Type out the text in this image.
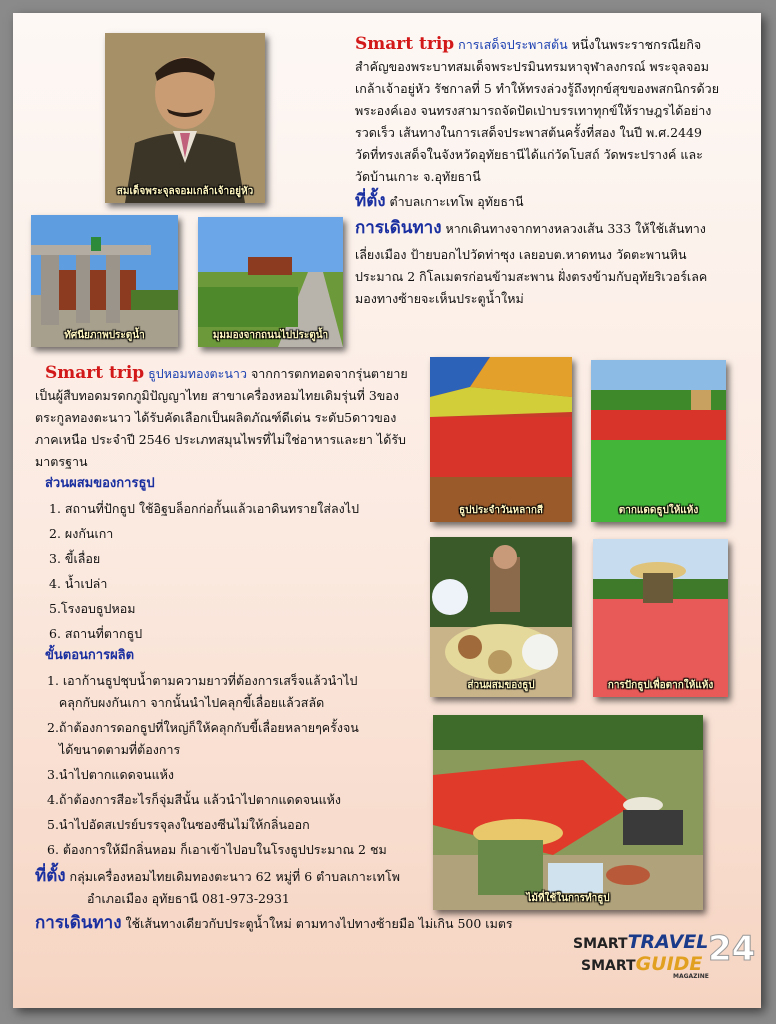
สมเด็จพระจุลจอมเกล้าเจ้าอยู่หัว
Smart trip การเสด็จประพาสต้น หนึ่งในพระราชกรณียกิจ
สำคัญของพระบาทสมเด็จพระปรมินทรมหาจุฬาลงกรณ์ พระจุลจอม
เกล้าเจ้าอยู่หัว รัชกาลที่ 5 ทำให้ทรงล่วงรู้ถึงทุกข์สุขของพสกนิกรด้วย
พระองค์เอง จนทรงสามารถจัดปัดเป่าบรรเทาทุกข์ให้ราษฎรได้อย่าง
รวดเร็ว เส้นทางในการเสด็จประพาสต้นครั้งที่สอง ในปี พ.ศ.2449
วัดที่ทรงเสด็จในจังหวัดอุทัยธานีได้แก่วัดโบสถ์ วัดพระปรางค์ และ
วัดบ้านเกาะ จ.อุทัยธานี
ที่ตั้ง ตำบลเกาะเทโพ อุทัยธานี
การเดินทาง หากเดินทางจากทางหลวงเส้น 333 ให้ใช้เส้นทาง
เลี่ยงเมือง ป้ายบอกไปวัดท่าซุง เลยอบต.หาดทนง วัดตะพานหิน
ประมาณ 2 กิโลเมตรก่อนข้ามสะพาน ฝั่งตรงข้ามกับอุทัยริเวอร์เลค
มองทางซ้ายจะเห็นประตูน้ำใหม่
ทัศนียภาพประตูน้ำ	มุมมองจากถนนไปประตูน้ำ
Smart trip ธูปหอมทองตะนาว จากการตกทอดจากรุ่นตายาย
เป็นผู้สืบทอดมรดกภูมิปัญญาไทย สาขาเครื่องหอมไทยเดิมรุ่นที่ 3ของ
ตระกูลทองตะนาว ได้รับคัดเลือกเป็นผลิตภัณฑ์ดีเด่น ระดับ5ดาวของ
ภาคเหนือ ประจำปี 2546 ประเภทสมุนไพรที่ไม่ใช่อาหารและยา ได้รับ
มาตรฐาน
ส่วนผสมของการธูป
1. สถานที่ปักธูป ใช้อิฐบล็อกก่อกั้นแล้วเอาดินทรายใส่ลงไป
2. ผงกันเกา
3. ขี้เลื่อย
4. น้ำเปล่า
5.โรงอบธูปหอม
6. สถานที่ตากธูป
ขั้นตอนการผลิต
1. เอาก้านธูปชุบน้ำตามความยาวที่ต้องการเสร็จแล้วนำไป
คลุกกับผงกันเกา จากนั้นนำไปคลุกขี้เลื่อยแล้วสลัด
2.ถ้าต้องการดอกธูปที่ใหญ่ก็ให้คลุกกับขี้เลื่อยหลายๆครั้งจน
ได้ขนาดตามที่ต้องการ
3.นำไปตากแดดจนแห้ง
4.ถ้าต้องการสีอะไรก็จุ่มสีนั้น แล้วนำไปตากแดดจนแห้ง
5.นำไปอัดสเปรย์บรรจุลงในซองซีนไม่ให้กลิ่นออก
6. ต้องการให้มีกลิ่นหอม ก็เอาเข้าไปอบในโรงธูปประมาณ 2 ชม
ที่ตั้ง กลุ่มเครื่องหอมไทยเดิมทองตะนาว 62 หมู่ที่ 6 ตำบลเกาะเทโพ
อำเภอเมือง อุทัยธานี 081-973-2931
การเดินทาง ใช้เส้นทางเดียวกับประตูน้ำใหม่ ตามทางไปทางซ้ายมือ ไม่เกิน 500 เมตร
ธูปประจำวันหลากสี	ตากแดดธูปให้แห้ง
ส่วนผสมของธูป	การปักธูปเพื่อตากให้แห้ง
ไม้ที่ใช้ในการทำธูป
SMARTTRAVEL
SMARTGUIDE 24
MAGAZINE
